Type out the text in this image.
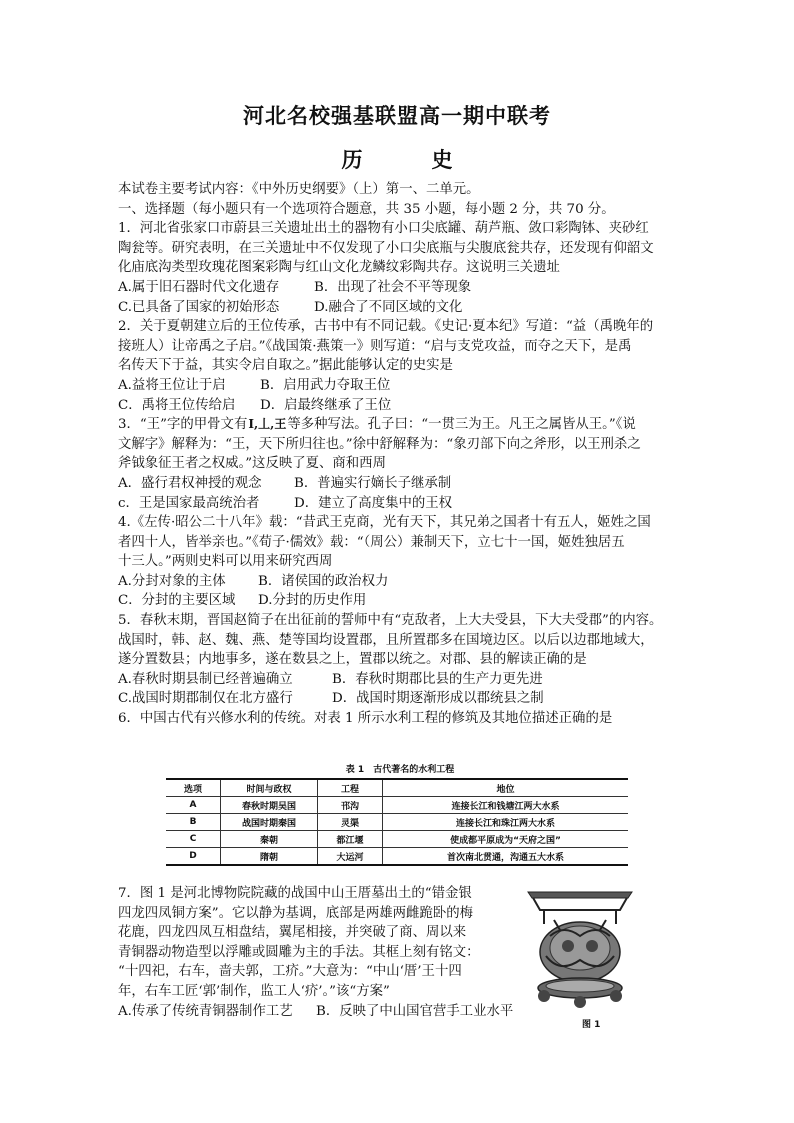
河北名校强基联盟高一期中联考
历　史
本试卷主要考试内容：《中外历史纲要》（上）第一、二单元。
一、选择题（每小题只有一个选项符合题意，共 35 小题，每小题 2 分，共 70 分。
1．河北省张家口市蔚县三关遗址出土的器物有小口尖底罐、葫芦瓶、敛口彩陶钵、夹砂红
陶瓮等。研究表明，在三关遗址中不仅发现了小口尖底瓶与尖腹底瓮共存，还发现有仰韶文
化庙底沟类型玫瑰花图案彩陶与红山文化龙鳞纹彩陶共存。这说明三关遗址
A.属于旧石器时代文化遗存	B．出现了社会不平等现象
C.已具备了国家的初始形态	D.融合了不同区域的文化
2．关于夏朝建立后的王位传承，古书中有不同记载。《史记·夏本纪》写道：“益（禹晚年的
接班人）让帝禹之子启。”《战国策·燕策一》则写道：“启与支党攻益，而夺之天下，是禹
名传天下于益，其实令启自取之。”据此能够认定的史实是
A.益将王位让于启	B．启用武力夺取王位
C．禹将王位传给启 D．启最终继承了王位
3．“王”字的甲骨文有𝐈,丄,王等多种写法。孔子曰：“一贯三为王。凡王之属皆从王。”《说
文解字》解释为：“王，天下所归往也。”徐中舒解释为：“象刃部下向之斧形，以王刑杀之
斧钺象征王者之权威。”这反映了夏、商和西周
A．盛行君权神授的观念 B．普遍实行嫡长子继承制
c．王是国家最高统治者	D．建立了高度集中的王权
4.《左传·昭公二十八年》载：“昔武王克商，光有天下，其兄弟之国者十有五人，姬姓之国
者四十人，皆举亲也。”《荀子·儒效》载：“（周公）兼制天下，立七十一国，姬姓独居五
十三人。”两则史料可以用来研究西周
A.分封对象的主体 B．诸侯国的政治权力
C．分封的主要区域 D.分封的历史作用
5．春秋末期，晋国赵简子在出征前的誓师中有“克敌者，上大夫受县，下大夫受郡”的内容。
战国时，韩、赵、魏、燕、楚等国均设置郡，且所置郡多在国境边区。以后以边郡地域大，
遂分置数县；内地事多，遂在数县之上，置郡以统之。对郡、县的解读正确的是
A.春秋时期县制已经普遍确立	B．春秋时期郡比县的生产力更先进
C.战国时期郡制仅在北方盛行	D．战国时期逐渐形成以郡统县之制
6．中国古代有兴修水利的传统。对表 1 所示水利工程的修筑及其地位描述正确的是
表 1　古代著名的水利工程
选项	时间与政权	工程	地位
A	春秋时期吴国	邗沟	连接长江和钱塘江两大水系
B	战国时期秦国	灵渠	连接长江和珠江两大水系
C	秦朝	都江堰	使成都平原成为“天府之国”
D	隋朝	大运河	首次南北贯通，沟通五大水系
7．图 1 是河北博物院院藏的战国中山王厝墓出土的“错金银
四龙四凤铜方案”。它以静为基调，底部是两雄两雌跪卧的梅
花鹿，四龙四凤互相盘结，翼尾相接，并突破了商、周以来
青铜器动物造型以浮雕或圆雕为主的手法。其框上刻有铭文：
“十四祀，右车，啬夫郭，工疥。”大意为：“中山‘厝’王十四
年，右车工匠‘郭’制作，监工人‘疥’。”该“方案”
A.传承了传统青铜器制作工艺 B．反映了中山国官营手工业水平
图 1
